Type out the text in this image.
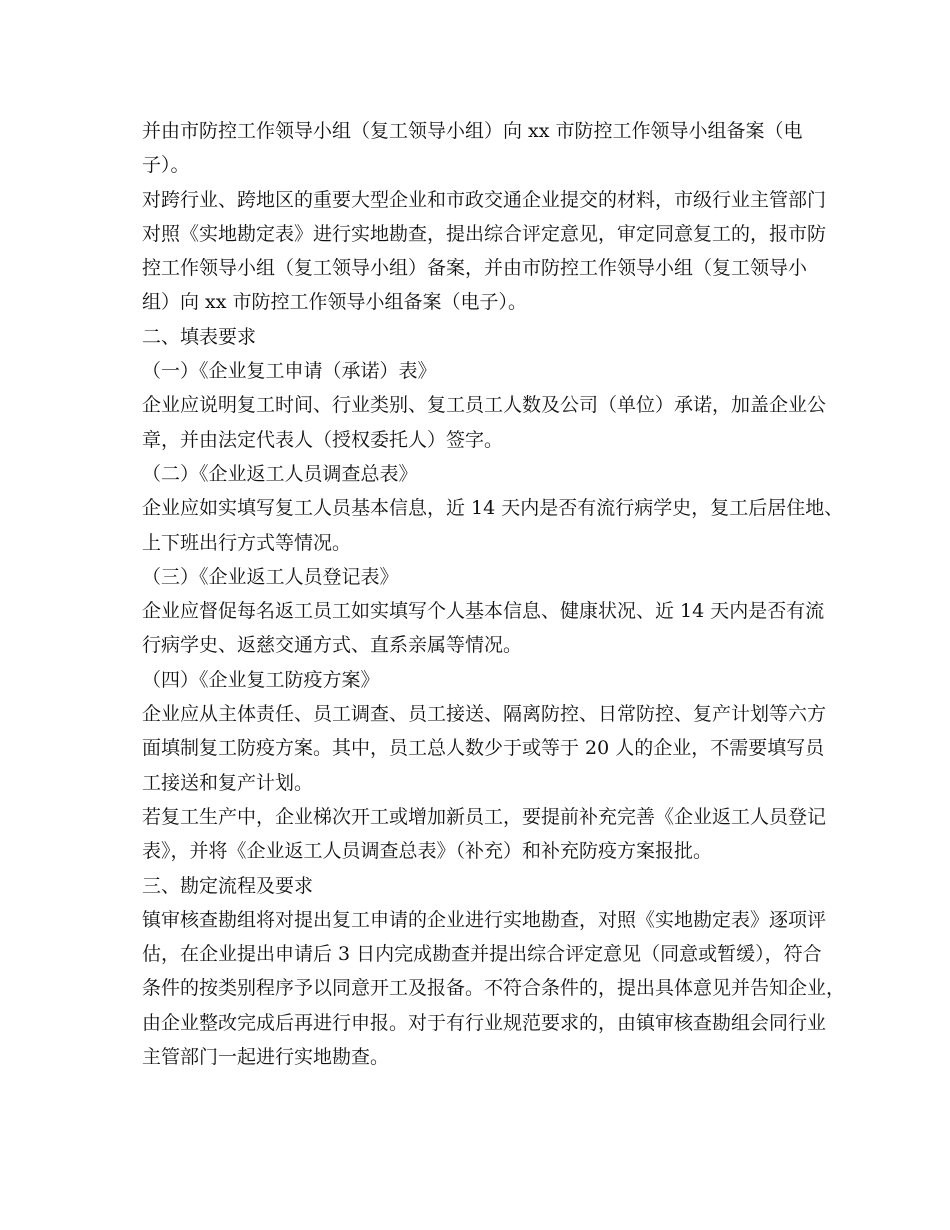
并由市防控工作领导小组（复工领导小组）向 xx 市防控工作领导小组备案（电
子）。
对跨行业、跨地区的重要大型企业和市政交通企业提交的材料，市级行业主管部门
对照《实地勘定表》进行实地勘查，提出综合评定意见，审定同意复工的，报市防
控工作领导小组（复工领导小组）备案，并由市防控工作领导小组（复工领导小
组）向 xx 市防控工作领导小组备案（电子）。
二、填表要求
（一）《企业复工申请（承诺）表》
企业应说明复工时间、行业类别、复工员工人数及公司（单位）承诺，加盖企业公
章，并由法定代表人（授权委托人）签字。
（二）《企业返工人员调查总表》
企业应如实填写复工人员基本信息，近 14 天内是否有流行病学史，复工后居住地、
上下班出行方式等情况。
（三）《企业返工人员登记表》
企业应督促每名返工员工如实填写个人基本信息、健康状况、近 14 天内是否有流
行病学史、返慈交通方式、直系亲属等情况。
（四）《企业复工防疫方案》
企业应从主体责任、员工调查、员工接送、隔离防控、日常防控、复产计划等六方
面填制复工防疫方案。其中，员工总人数少于或等于 20 人的企业，不需要填写员
工接送和复产计划。
若复工生产中，企业梯次开工或增加新员工，要提前补充完善《企业返工人员登记
表》，并将《企业返工人员调查总表》（补充）和补充防疫方案报批。
三、勘定流程及要求
镇审核查勘组将对提出复工申请的企业进行实地勘查，对照《实地勘定表》逐项评
估，在企业提出申请后 3 日内完成勘查并提出综合评定意见（同意或暂缓），符合
条件的按类别程序予以同意开工及报备。不符合条件的，提出具体意见并告知企业，
由企业整改完成后再进行申报。对于有行业规范要求的，由镇审核查勘组会同行业
主管部门一起进行实地勘查。
